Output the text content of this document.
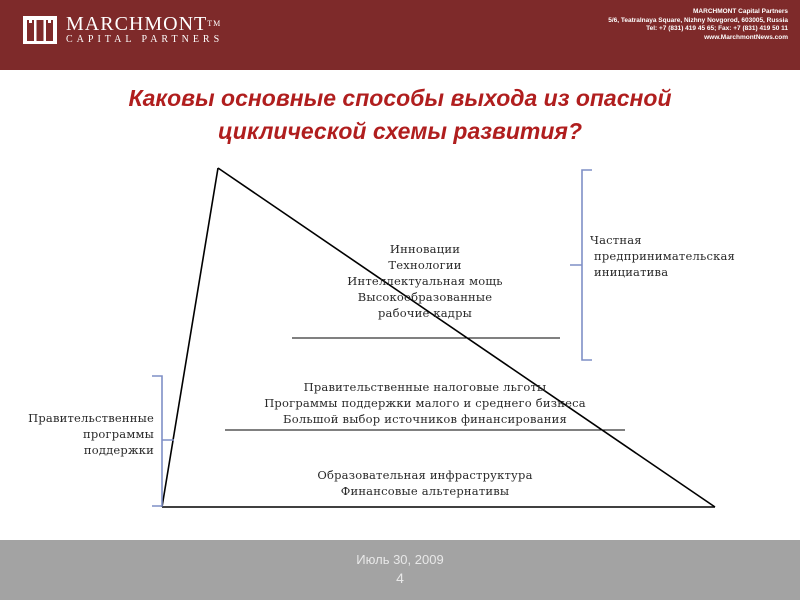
MARCHMONT™
CAPITAL PARTNERS
MARCHMONT Capital Partners
5/6, Teatralnaya Square, Nizhny Novgorod, 603005, Russia
Tel: +7 (831) 419 45 65; Fax: +7 (831) 419 50 11
www.MarchmontNews.com
Каковы основные способы выхода из опасной
циклической схемы развития?
Инновации
Технологии
Интеллектуальная мощь
Высокообразованные
рабочие кадры
Правительственные налоговые льготы
Программы поддержки малого и среднего бизнеса
Большой выбор источников финансирования
Образовательная инфраструктура
Финансовые альтернативы
Частная
предпринимательская
инициатива
Правительственные
программы
поддержки
Июль 30, 2009
4
